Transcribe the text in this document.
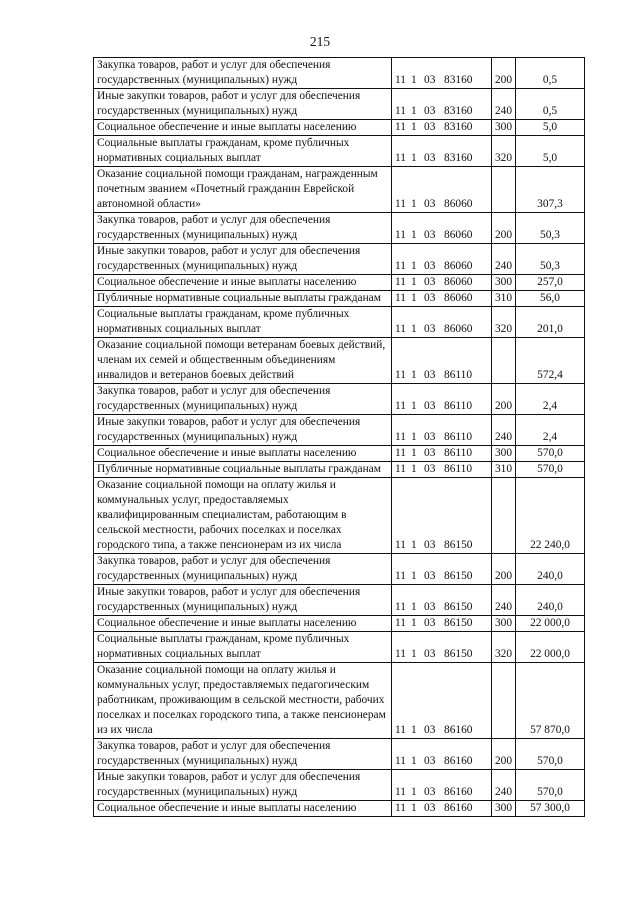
215
Закупка товаров, работ и услуг для обеспечения государственных (муниципальных) нужд	11 1 03 83160	200	0,5
Иные закупки товаров, работ и услуг для обеспечения государственных (муниципальных) нужд	11 1 03 83160	240	0,5
Социальное обеспечение и иные выплаты населению	11 1 03 83160	300	5,0
Социальные выплаты гражданам, кроме публичных нормативных социальных выплат	11 1 03 83160	320	5,0
Оказание социальной помощи гражданам, награжденным почетным званием «Почетный гражданин Еврейской автономной области»	11 1 03 86060		307,3
Закупка товаров, работ и услуг для обеспечения государственных (муниципальных) нужд	11 1 03 86060	200	50,3
Иные закупки товаров, работ и услуг для обеспечения государственных (муниципальных) нужд	11 1 03 86060	240	50,3
Социальное обеспечение и иные выплаты населению	11 1 03 86060	300	257,0
Публичные нормативные социальные выплаты гражданам	11 1 03 86060	310	56,0
Социальные выплаты гражданам, кроме публичных нормативных социальных выплат	11 1 03 86060	320	201,0
Оказание социальной помощи ветеранам боевых действий, членам их семей и общественным объединениям инвалидов и ветеранов боевых действий	11 1 03 86110		572,4
Закупка товаров, работ и услуг для обеспечения государственных (муниципальных) нужд	11 1 03 86110	200	2,4
Иные закупки товаров, работ и услуг для обеспечения государственных (муниципальных) нужд	11 1 03 86110	240	2,4
Социальное обеспечение и иные выплаты населению	11 1 03 86110	300	570,0
Публичные нормативные социальные выплаты гражданам	11 1 03 86110	310	570,0
Оказание социальной помощи на оплату жилья и коммунальных услуг, предоставляемых квалифицированным специалистам, работающим в сельской местности, рабочих поселках и поселках городского типа, а также пенсионерам из их числа	11 1 03 86150		22 240,0
Закупка товаров, работ и услуг для обеспечения государственных (муниципальных) нужд	11 1 03 86150	200	240,0
Иные закупки товаров, работ и услуг для обеспечения государственных (муниципальных) нужд	11 1 03 86150	240	240,0
Социальное обеспечение и иные выплаты населению	11 1 03 86150	300	22 000,0
Социальные выплаты гражданам, кроме публичных нормативных социальных выплат	11 1 03 86150	320	22 000,0
Оказание социальной помощи на оплату жилья и коммунальных услуг, предоставляемых педагогическим работникам, проживающим в сельской местности, рабочих поселках и поселках городского типа, а также пенсионерам из их числа	11 1 03 86160		57 870,0
Закупка товаров, работ и услуг для обеспечения государственных (муниципальных) нужд	11 1 03 86160	200	570,0
Иные закупки товаров, работ и услуг для обеспечения государственных (муниципальных) нужд	11 1 03 86160	240	570,0
Социальное обеспечение и иные выплаты населению	11 1 03 86160	300	57 300,0
